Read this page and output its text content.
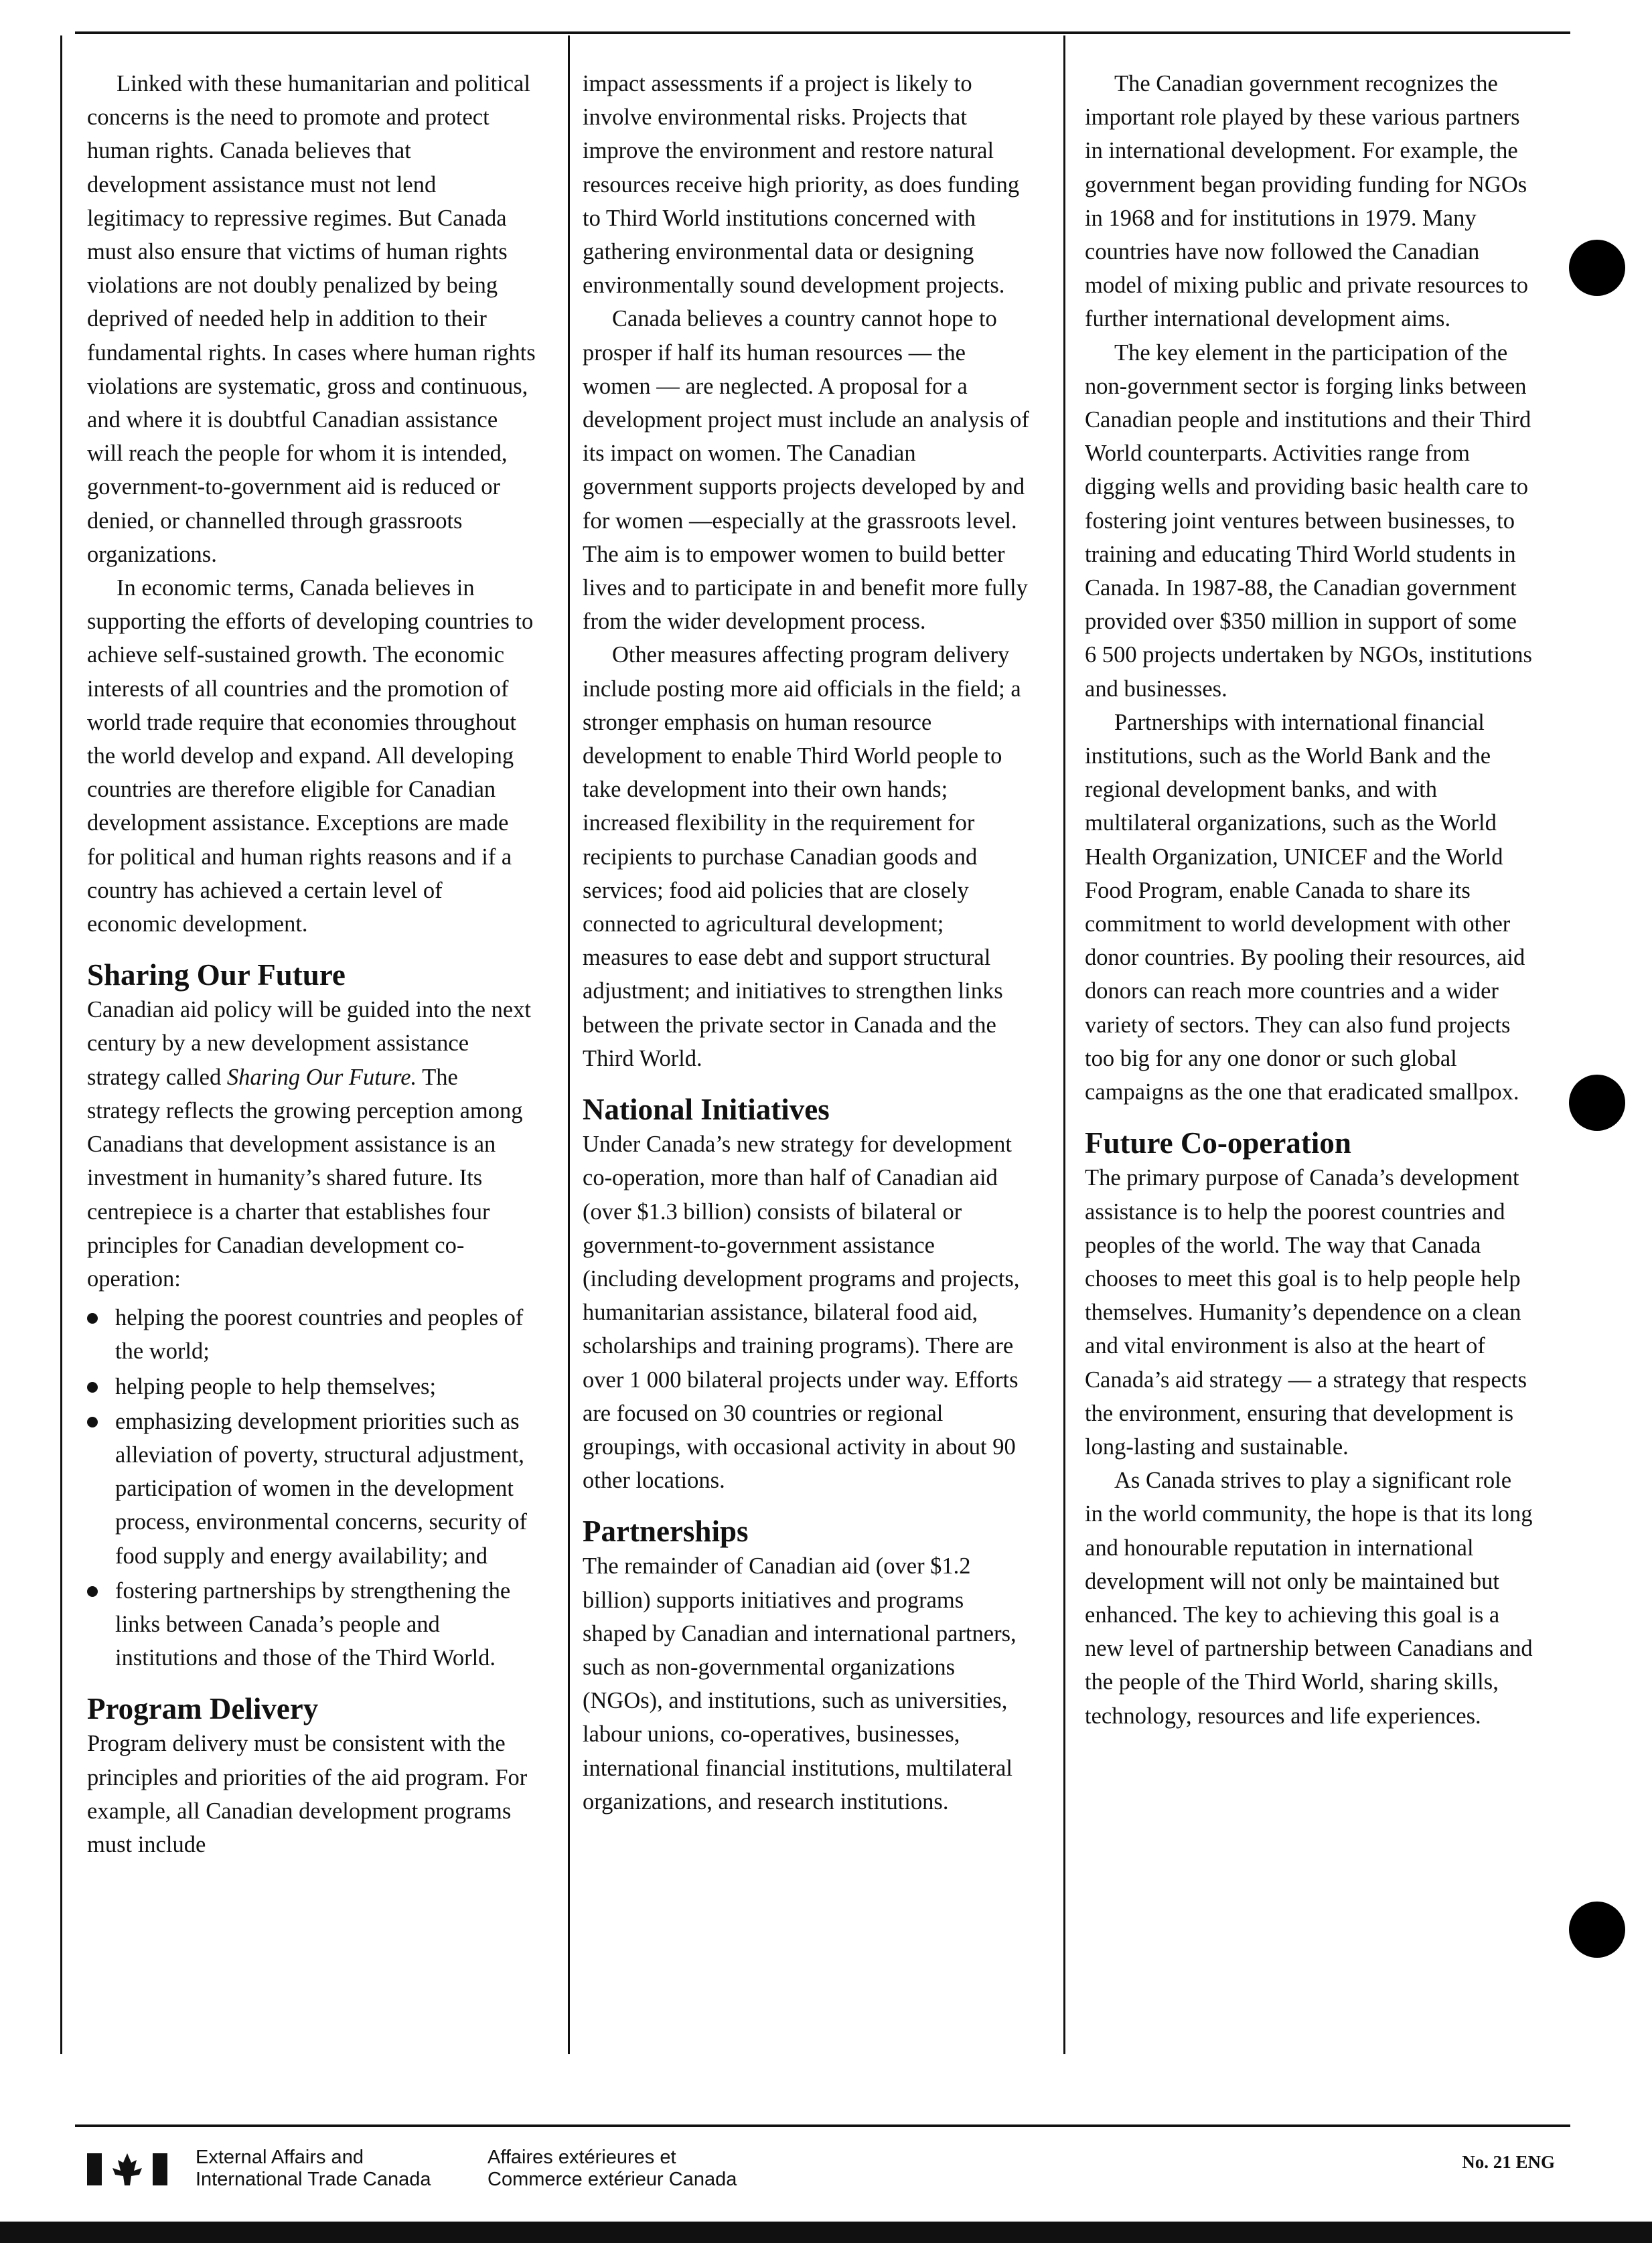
Linked with these humanitarian and political concerns is the need to promote and protect human rights. Canada believes that development assistance must not lend legitimacy to repressive regimes. But Canada must also ensure that victims of human rights violations are not doubly penalized by being deprived of needed help in addition to their fundamental rights. In cases where human rights violations are systematic, gross and continuous, and where it is doubtful Canadian assistance will reach the people for whom it is intended, government-to-government aid is reduced or denied, or channelled through grassroots organizations.

In economic terms, Canada believes in supporting the efforts of developing countries to achieve self-sustained growth. The economic interests of all countries and the promotion of world trade require that economies throughout the world develop and expand. All developing countries are therefore eligible for Canadian development assistance. Exceptions are made for political and human rights reasons and if a country has achieved a certain level of economic development.

Sharing Our Future

Canadian aid policy will be guided into the next century by a new development assistance strategy called Sharing Our Future. The strategy reflects the growing perception among Canadians that development assistance is an investment in humanity’s shared future. Its centrepiece is a charter that establishes four principles for Canadian development co-operation:

helping the poorest countries and peoples of the world;
helping people to help themselves;
emphasizing development priorities such as alleviation of poverty, structural adjustment, participation of women in the development process, environmental concerns, security of food supply and energy availability; and
fostering partnerships by strengthening the links between Canada’s people and institutions and those of the Third World.
Program Delivery

Program delivery must be consistent with the principles and priorities of the aid program. For example, all Canadian development programs must include

impact assessments if a project is likely to involve environmental risks. Projects that improve the environment and restore natural resources receive high priority, as does funding to Third World institutions concerned with gathering environmental data or designing environmentally sound development projects.

Canada believes a country cannot hope to prosper if half its human resources — the women — are neglected. A proposal for a development project must include an analysis of its impact on women. The Canadian government supports projects developed by and for women —especially at the grassroots level. The aim is to empower women to build better lives and to participate in and benefit more fully from the wider development process.

Other measures affecting program delivery include posting more aid officials in the field; a stronger emphasis on human resource development to enable Third World people to take development into their own hands; increased flexibility in the requirement for recipients to purchase Canadian goods and services; food aid policies that are closely connected to agricultural development; measures to ease debt and support structural adjustment; and initiatives to strengthen links between the private sector in Canada and the Third World.

National Initiatives

Under Canada’s new strategy for development co-operation, more than half of Canadian aid (over $1.3 billion) consists of bilateral or government-to-government assistance (including development programs and projects, humanitarian assistance, bilateral food aid, scholarships and training programs). There are over 1 000 bilateral projects under way. Efforts are focused on 30 countries or regional groupings, with occasional activity in about 90 other locations.

Partnerships

The remainder of Canadian aid (over $1.2 billion) supports initiatives and programs shaped by Canadian and international partners, such as non-governmental organizations (NGOs), and institutions, such as universities, labour unions, co-operatives, businesses, international financial institutions, multilateral organizations, and research institutions.

The Canadian government recognizes the important role played by these various partners in international development. For example, the government began providing funding for NGOs in 1968 and for institutions in 1979. Many countries have now followed the Canadian model of mixing public and private resources to further international development aims.

The key element in the participation of the non-government sector is forging links between Canadian people and institutions and their Third World counterparts. Activities range from digging wells and providing basic health care to fostering joint ventures between businesses, to training and educating Third World students in Canada. In 1987-88, the Canadian government provided over $350 million in support of some 6 500 projects undertaken by NGOs, institutions and businesses.

Partnerships with international financial institutions, such as the World Bank and the regional development banks, and with multilateral organizations, such as the World Health Organization, UNICEF and the World Food Program, enable Canada to share its commitment to world development with other donor countries. By pooling their resources, aid donors can reach more countries and a wider variety of sectors. They can also fund projects too big for any one donor or such global campaigns as the one that eradicated smallpox.

Future Co-operation

The primary purpose of Canada’s development assistance is to help the poorest countries and peoples of the world. The way that Canada chooses to meet this goal is to help people help themselves. Humanity’s dependence on a clean and vital environment is also at the heart of Canada’s aid strategy — a strategy that respects the environment, ensuring that development is long-lasting and sustainable.

As Canada strives to play a significant role in the world community, the hope is that its long and honourable reputation in international development will not only be maintained but enhanced. The key to achieving this goal is a new level of partnership between Canadians and the people of the Third World, sharing skills, technology, resources and life experiences.

External Affairs and
International Trade Canada
Affaires extérieures et
Commerce extérieur Canada
No. 21 ENG
